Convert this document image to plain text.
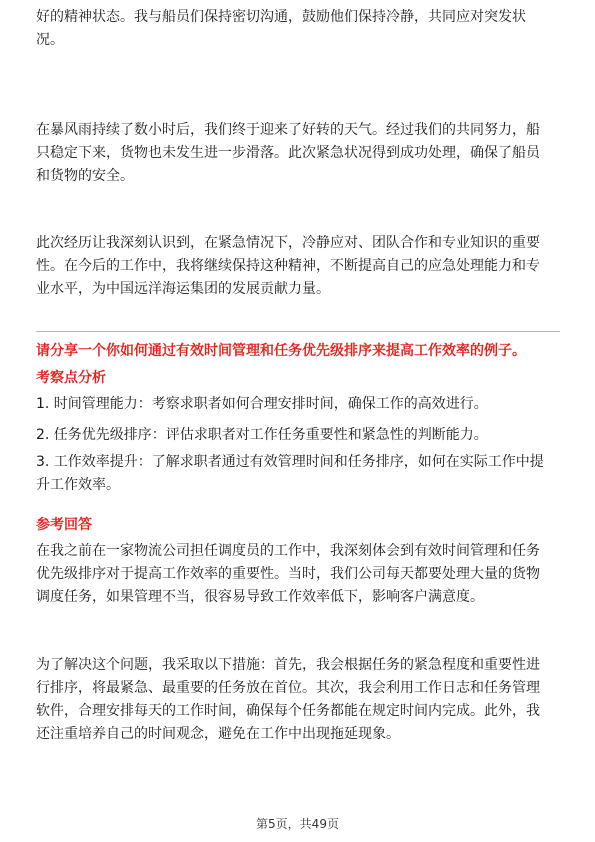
好的精神状态。我与船员们保持密切沟通，鼓励他们保持冷静，共同应对突发状
况。
在暴风雨持续了数小时后，我们终于迎来了好转的天气。经过我们的共同努力，船
只稳定下来，货物也未发生进一步滑落。此次紧急状况得到成功处理，确保了船员
和货物的安全。
此次经历让我深刻认识到，在紧急情况下，冷静应对、团队合作和专业知识的重要
性。在今后的工作中，我将继续保持这种精神，不断提高自己的应急处理能力和专
业水平，为中国远洋海运集团的发展贡献力量。
请分享一个你如何通过有效时间管理和任务优先级排序来提高工作效率的例子。
考察点分析
1. 时间管理能力：考察求职者如何合理安排时间，确保工作的高效进行。
2. 任务优先级排序：评估求职者对工作任务重要性和紧急性的判断能力。
3. 工作效率提升：了解求职者通过有效管理时间和任务排序，如何在实际工作中提
升工作效率。
参考回答
在我之前在一家物流公司担任调度员的工作中，我深刻体会到有效时间管理和任务
优先级排序对于提高工作效率的重要性。当时，我们公司每天都要处理大量的货物
调度任务，如果管理不当，很容易导致工作效率低下，影响客户满意度。
为了解决这个问题，我采取以下措施：首先，我会根据任务的紧急程度和重要性进
行排序，将最紧急、最重要的任务放在首位。其次，我会利用工作日志和任务管理
软件，合理安排每天的工作时间，确保每个任务都能在规定时间内完成。此外，我
还注重培养自己的时间观念，避免在工作中出现拖延现象。
第5页，共49页
